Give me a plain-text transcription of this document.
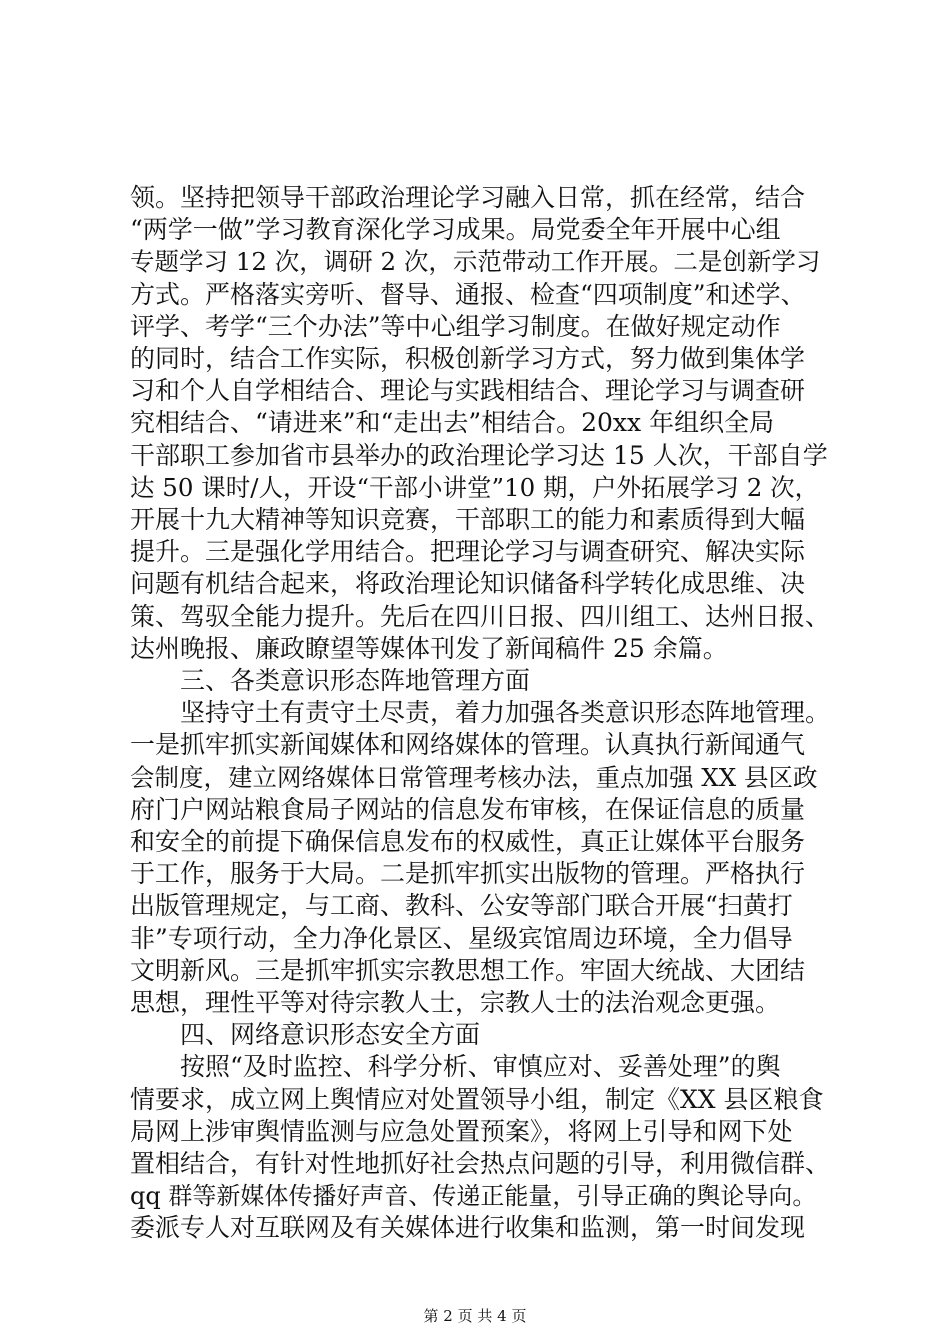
领。坚持把领导干部政治理论学习融入日常，抓在经常，结合
“两学一做”学习教育深化学习成果。局党委全年开展中心组
专题学习 12 次，调研 2 次，示范带动工作开展。二是创新学习
方式。严格落实旁听、督导、通报、检查“四项制度”和述学、
评学、考学“三个办法”等中心组学习制度。在做好规定动作
的同时，结合工作实际，积极创新学习方式，努力做到集体学
习和个人自学相结合、理论与实践相结合、理论学习与调查研
究相结合、“请进来”和“走出去”相结合。20xx 年组织全局
干部职工参加省市县举办的政治理论学习达 15 人次，干部自学
达 50 课时/人，开设“干部小讲堂”10 期，户外拓展学习 2 次，
开展十九大精神等知识竞赛，干部职工的能力和素质得到大幅
提升。三是强化学用结合。把理论学习与调查研究、解决实际
问题有机结合起来，将政治理论知识储备科学转化成思维、决
策、驾驭全能力提升。先后在四川日报、四川组工、达州日报、
达州晚报、廉政瞭望等媒体刊发了新闻稿件 25 余篇。
　　三、各类意识形态阵地管理方面
　　坚持守土有责守土尽责，着力加强各类意识形态阵地管理。
一是抓牢抓实新闻媒体和网络媒体的管理。认真执行新闻通气
会制度，建立网络媒体日常管理考核办法，重点加强 XX 县区政
府门户网站粮食局子网站的信息发布审核，在保证信息的质量
和安全的前提下确保信息发布的权威性，真正让媒体平台服务
于工作，服务于大局。二是抓牢抓实出版物的管理。严格执行
出版管理规定，与工商、教科、公安等部门联合开展“扫黄打
非”专项行动，全力净化景区、星级宾馆周边环境，全力倡导
文明新风。三是抓牢抓实宗教思想工作。牢固大统战、大团结
思想，理性平等对待宗教人士，宗教人士的法治观念更强。
　　四、网络意识形态安全方面
　　按照“及时监控、科学分析、审慎应对、妥善处理”的舆
情要求，成立网上舆情应对处置领导小组，制定《XX 县区粮食
局网上涉审舆情监测与应急处置预案》，将网上引导和网下处
置相结合，有针对性地抓好社会热点问题的引导，利用微信群、
qq 群等新媒体传播好声音、传递正能量，引导正确的舆论导向。
委派专人对互联网及有关媒体进行收集和监测，第一时间发现
第 2 页 共 4 页
